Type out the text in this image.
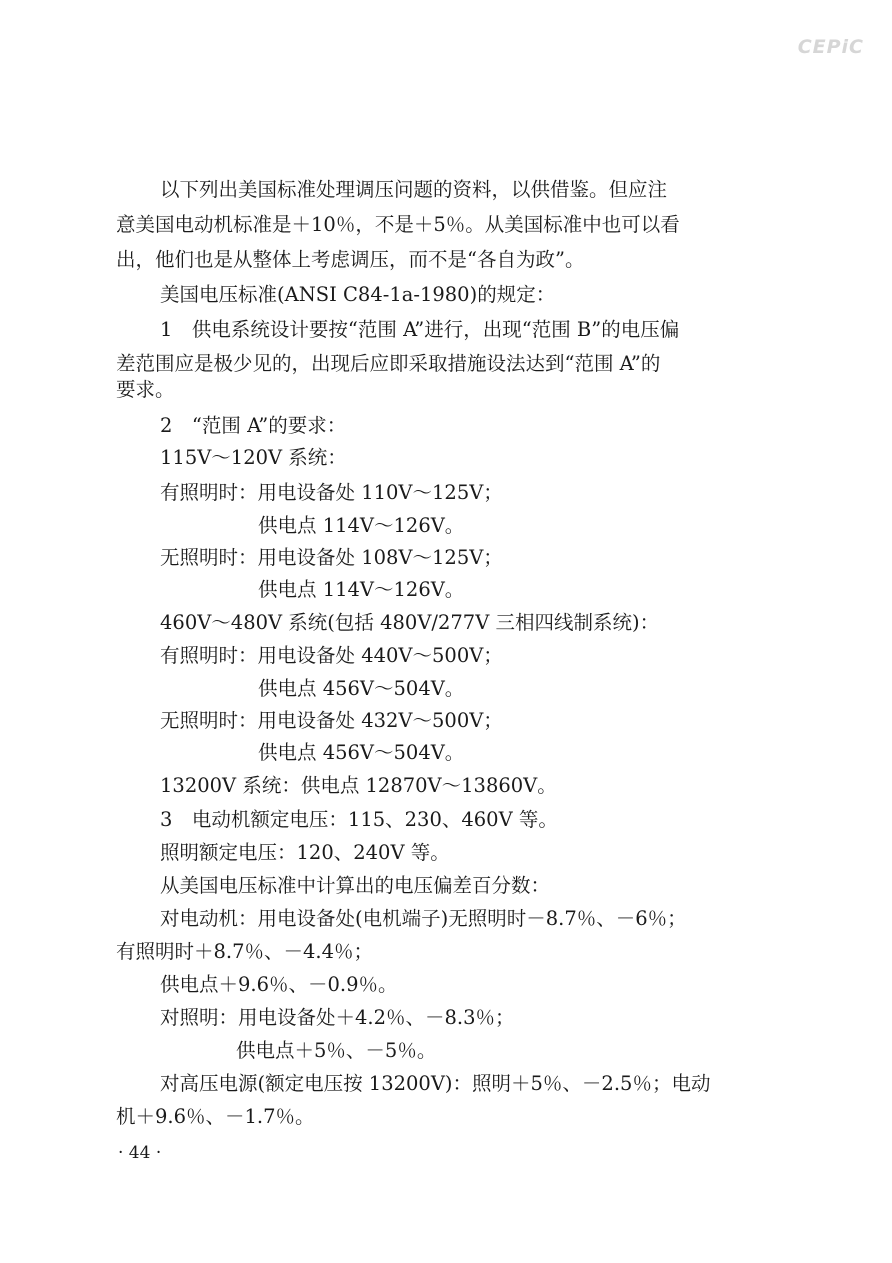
CEPiC
以下列出美国标准处理调压问题的资料，以供借鉴。但应注
意美国电动机标准是＋10％，不是＋5％。从美国标准中也可以看
出，他们也是从整体上考虑调压，而不是“各自为政”。
美国电压标准(ANSI C84-1a-1980)的规定：
1　供电系统设计要按“范围 A”进行，出现“范围 B”的电压偏
差范围应是极少见的，出现后应即采取措施设法达到“范围 A”的
要求。
2　“范围 A”的要求：
115V～120V 系统：
有照明时：用电设备处 110V～125V；
供电点 114V～126V。
无照明时：用电设备处 108V～125V；
供电点 114V～126V。
460V～480V 系统(包括 480V/277V 三相四线制系统)：
有照明时：用电设备处 440V～500V；
供电点 456V～504V。
无照明时：用电设备处 432V～500V；
供电点 456V～504V。
13200V 系统：供电点 12870V～13860V。
3　电动机额定电压：115、230、460V 等。
照明额定电压：120、240V 等。
从美国电压标准中计算出的电压偏差百分数：
对电动机：用电设备处(电机端子)无照明时－8.7％、－6％；
有照明时＋8.7％、－4.4％；
供电点＋9.6％、－0.9％。
对照明：用电设备处＋4.2％、－8.3％；
供电点＋5％、－5％。
对高压电源(额定电压按 13200V)：照明＋5％、－2.5％；电动
机＋9.6％、－1.7％。
· 44 ·
